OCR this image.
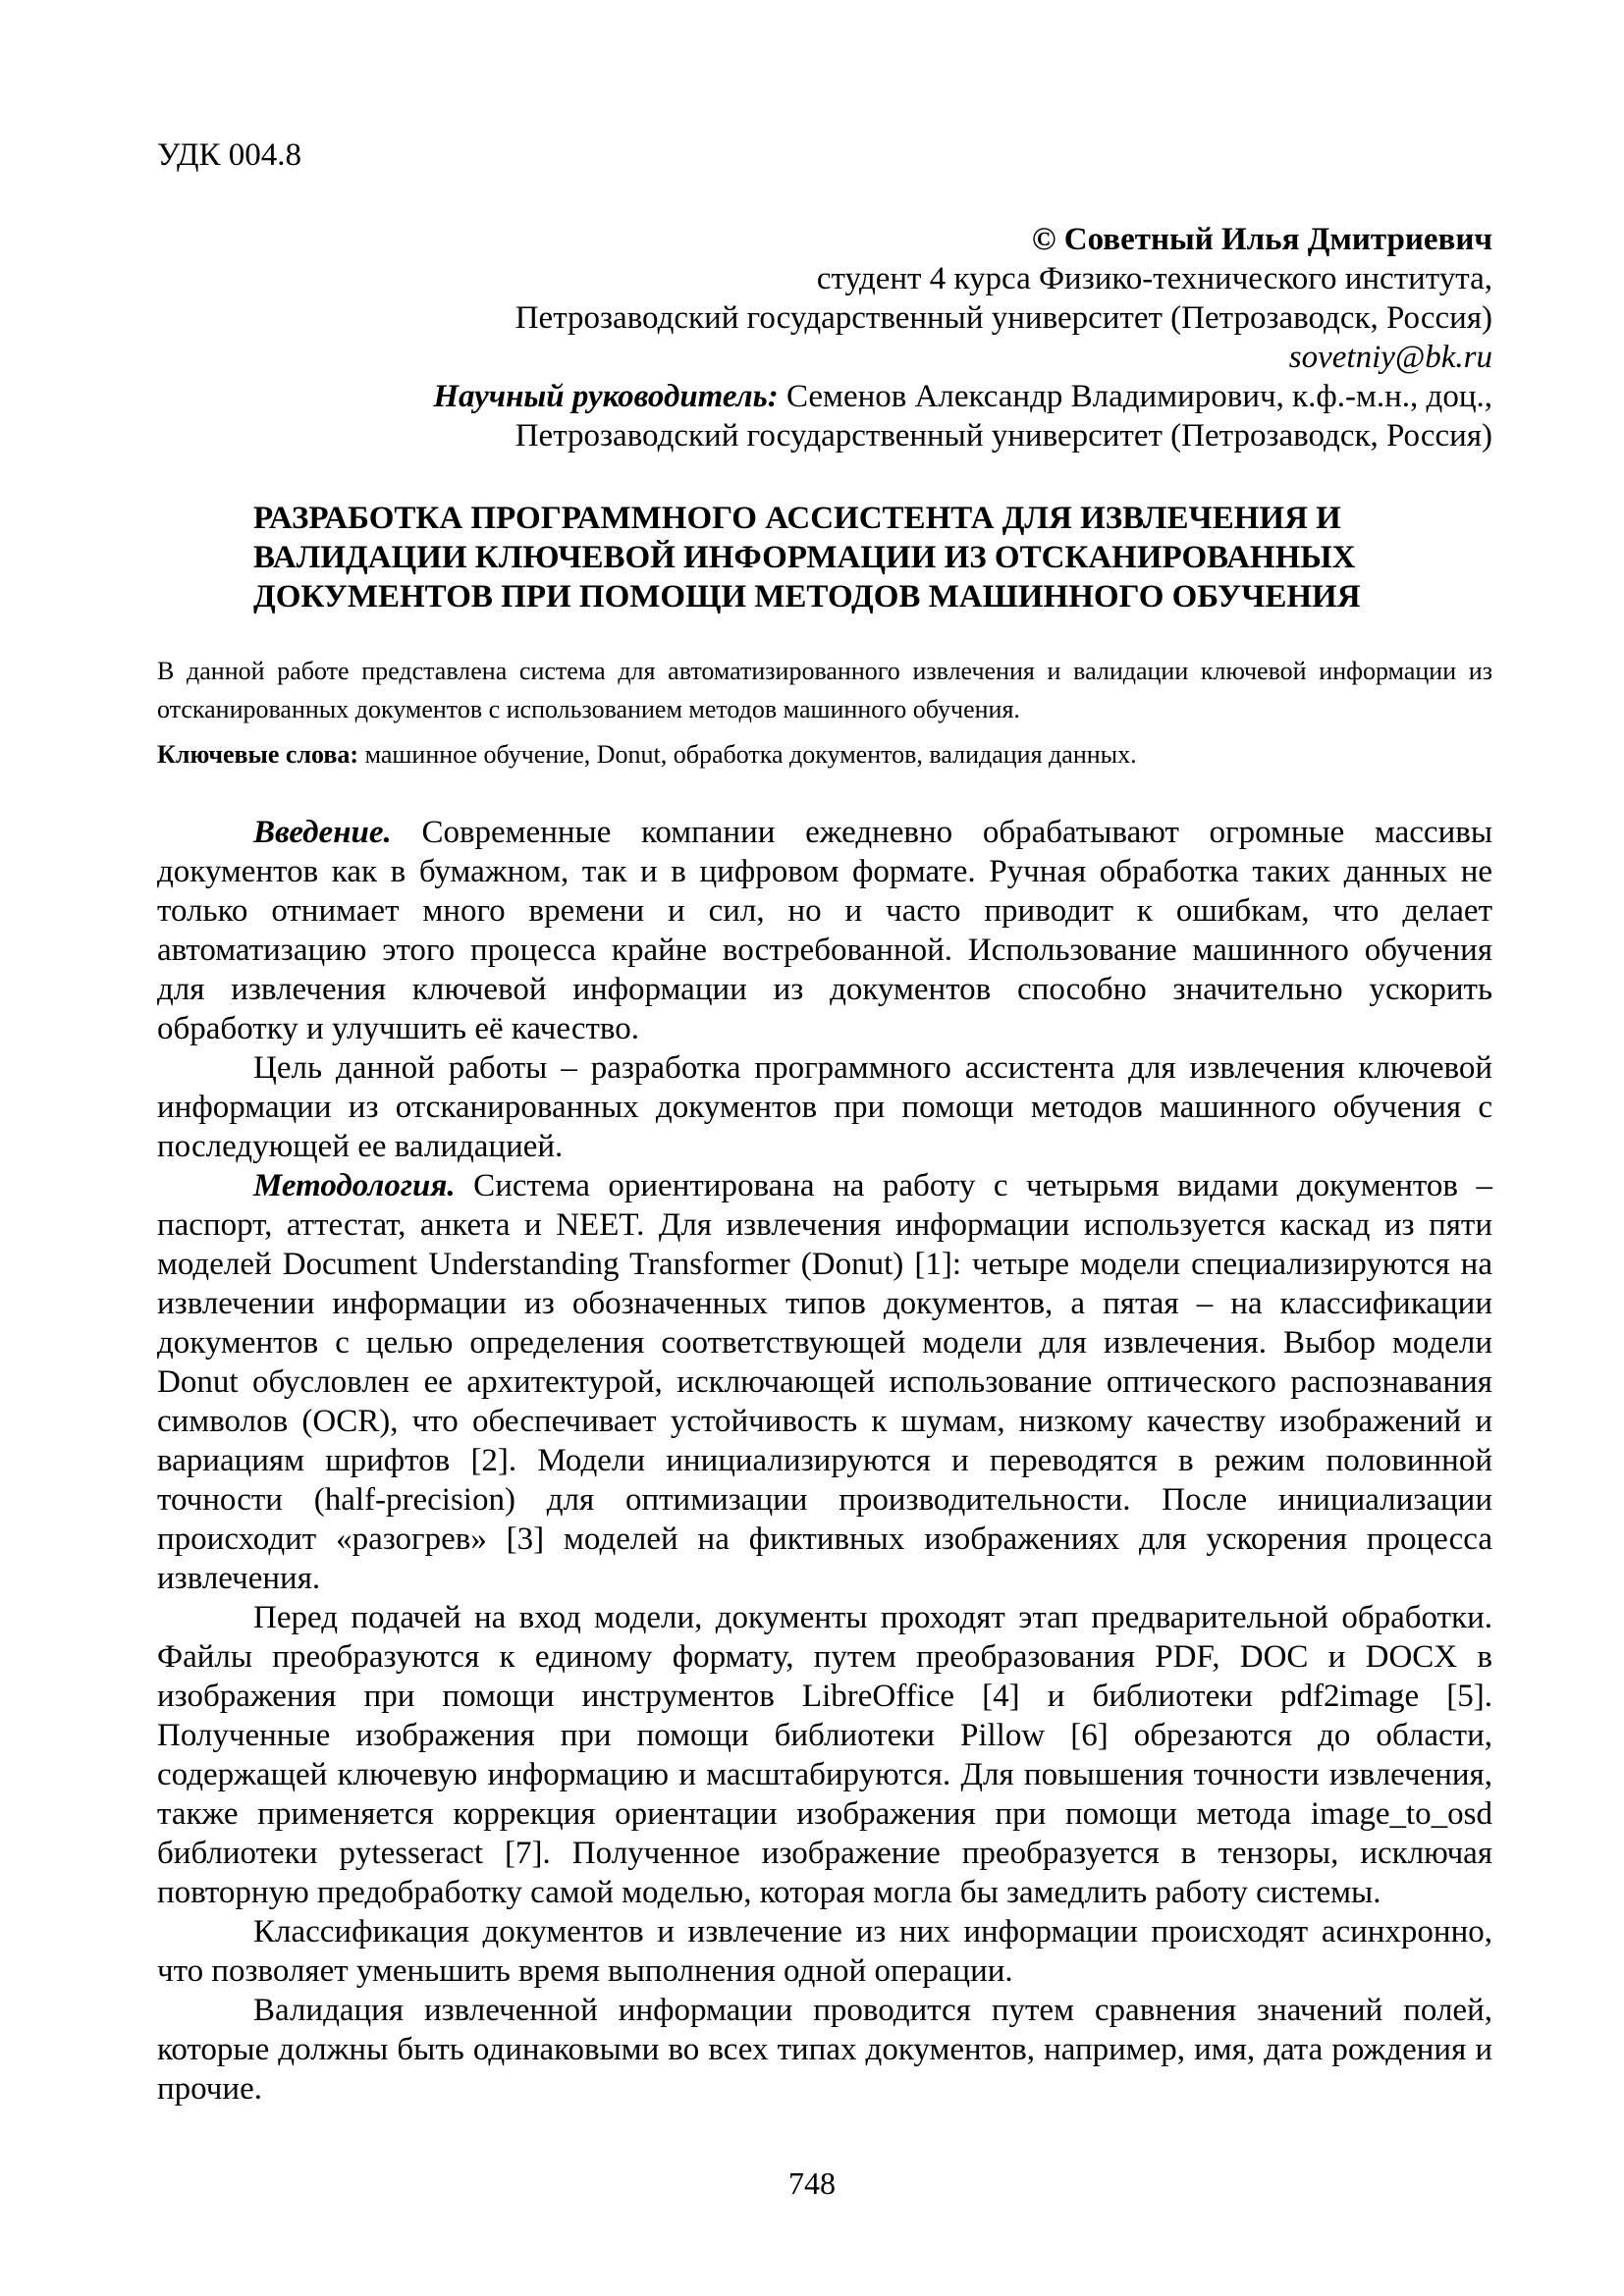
УДК 004.8
© Советный Илья Дмитриевич
студент 4 курса Физико-технического института,
Петрозаводский государственный университет (Петрозаводск, Россия)
sovetniy@bk.ru
Научный руководитель: Семенов Александр Владимирович, к.ф.-м.н., доц.,
Петрозаводский государственный университет (Петрозаводск, Россия)
РАЗРАБОТКА ПРОГРАММНОГО АССИСТЕНТА ДЛЯ ИЗВЛЕЧЕНИЯ И ВАЛИДАЦИИ КЛЮЧЕВОЙ ИНФОРМАЦИИ ИЗ ОТСКАНИРОВАННЫХ ДОКУМЕНТОВ ПРИ ПОМОЩИ МЕТОДОВ МАШИННОГО ОБУЧЕНИЯ
В данной работе представлена система для автоматизированного извлечения и валидации ключевой информации из отсканированных документов с использованием методов машинного обучения.
Ключевые слова: машинное обучение, Donut, обработка документов, валидация данных.

Введение. Современные компании ежедневно обрабатывают огромные массивы документов как в бумажном, так и в цифровом формате. Ручная обработка таких данных не только отнимает много времени и сил, но и часто приводит к ошибкам, что делает автоматизацию этого процесса крайне востребованной. Использование машинного обучения для извлечения ключевой информации из документов способно значительно ускорить обработку и улучшить её качество.

Цель данной работы – разработка программного ассистента для извлечения ключевой информации из отсканированных документов при помощи методов машинного обучения с последующей ее валидацией.

Методология. Система ориентирована на работу с четырьмя видами документов – паспорт, аттестат, анкета и NEET. Для извлечения информации используется каскад из пяти моделей Document Understanding Transformer (Donut) [1]: четыре модели специализируются на извлечении информации из обозначенных типов документов, а пятая – на классификации документов с целью определения соответствующей модели для извлечения. Выбор модели Donut обусловлен ее архитектурой, исключающей использование оптического распознавания символов (OCR), что обеспечивает устойчивость к шумам, низкому качеству изображений и вариациям шрифтов [2]. Модели инициализируются и переводятся в режим половинной точности (half-precision) для оптимизации производительности. После инициализации происходит «разогрев» [3] моделей на фиктивных изображениях для ускорения процесса извлечения.

Перед подачей на вход модели, документы проходят этап предварительной обработки. Файлы преобразуются к единому формату, путем преобразования PDF, DOC и DOCX в изображения при помощи инструментов LibreOffice [4] и библиотеки pdf2image [5]. Полученные изображения при помощи библиотеки Pillow [6] обрезаются до области, содержащей ключевую информацию и масштабируются. Для повышения точности извлечения, также применяется коррекция ориентации изображения при помощи метода image_to_osd библиотеки pytesseract [7]. Полученное изображение преобразуется в тензоры, исключая повторную предобработку самой моделью, которая могла бы замедлить работу системы.

Классификация документов и извлечение из них информации происходят асинхронно, что позволяет уменьшить время выполнения одной операции.

Валидация извлеченной информации проводится путем сравнения значений полей, которые должны быть одинаковыми во всех типах документов, например, имя, дата рождения и прочие.

748
